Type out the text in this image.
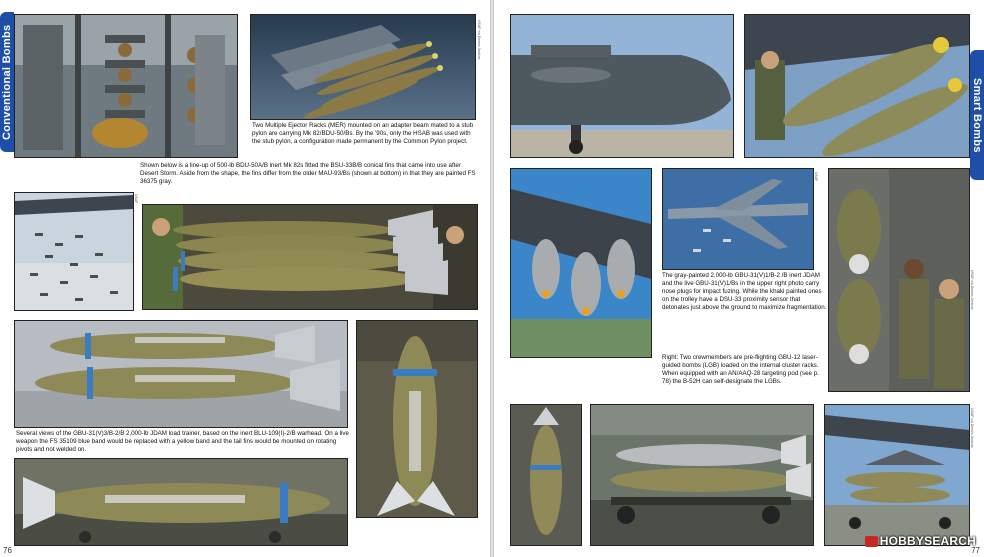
Conventional Bombs	USAF via Dennis Jenkins
Two Multiple Ejector Racks (MER) mounted on an adapter beam mated to a stub pylon are carrying Mk 82/BDU-50/Bs. By the '90s, only the HSAB was used with the stub pylon, a configuration made permanent by the Common Pylon project.
Shown below is a line-up of 500-lb BDU-50A/B inert Mk 82s fitted the BSU-33B/B conical fins that came into use after Desert Storm. Aside from the shape, the fins differ from the older MAU-93/Bs (shown at bottom) in that they are painted FS 36375 gray.
USAF
Several views of the GBU-31(V)3/B-2/B 2,000-lb JDAM load trainer, based on the inert BLU-109(I)-2/B warhead. On a live weapon the FS 35109 blue band would be replaced with a yellow band and the tail fins would be mounted on rotating pivots and not welded on.
76
Smart Bombs
USAF
The gray-painted 2,000-lb GBU-31(V)1/B-2 /B inert JDAM and the live GBU-31(V)1/Bs in the upper right photo carry nose plugs for impact fuzing. While the khaki painted ones on the trolley have a DSU-33 proximity sensor that detonates just above the ground to maximize fragmentation.
Right: Two crewmembers are pre-flighting GBU-12 laser-guided bombs (LGB) loaded on the internal cluster racks. When equipped with an AN/AAQ-28 targeting pod (see p. 78) the B-52H can self-designate the LGBs.
USAF via Dennis Jenkins
USAF via Dennis Jenkins
77
HOBBYSEARCH
